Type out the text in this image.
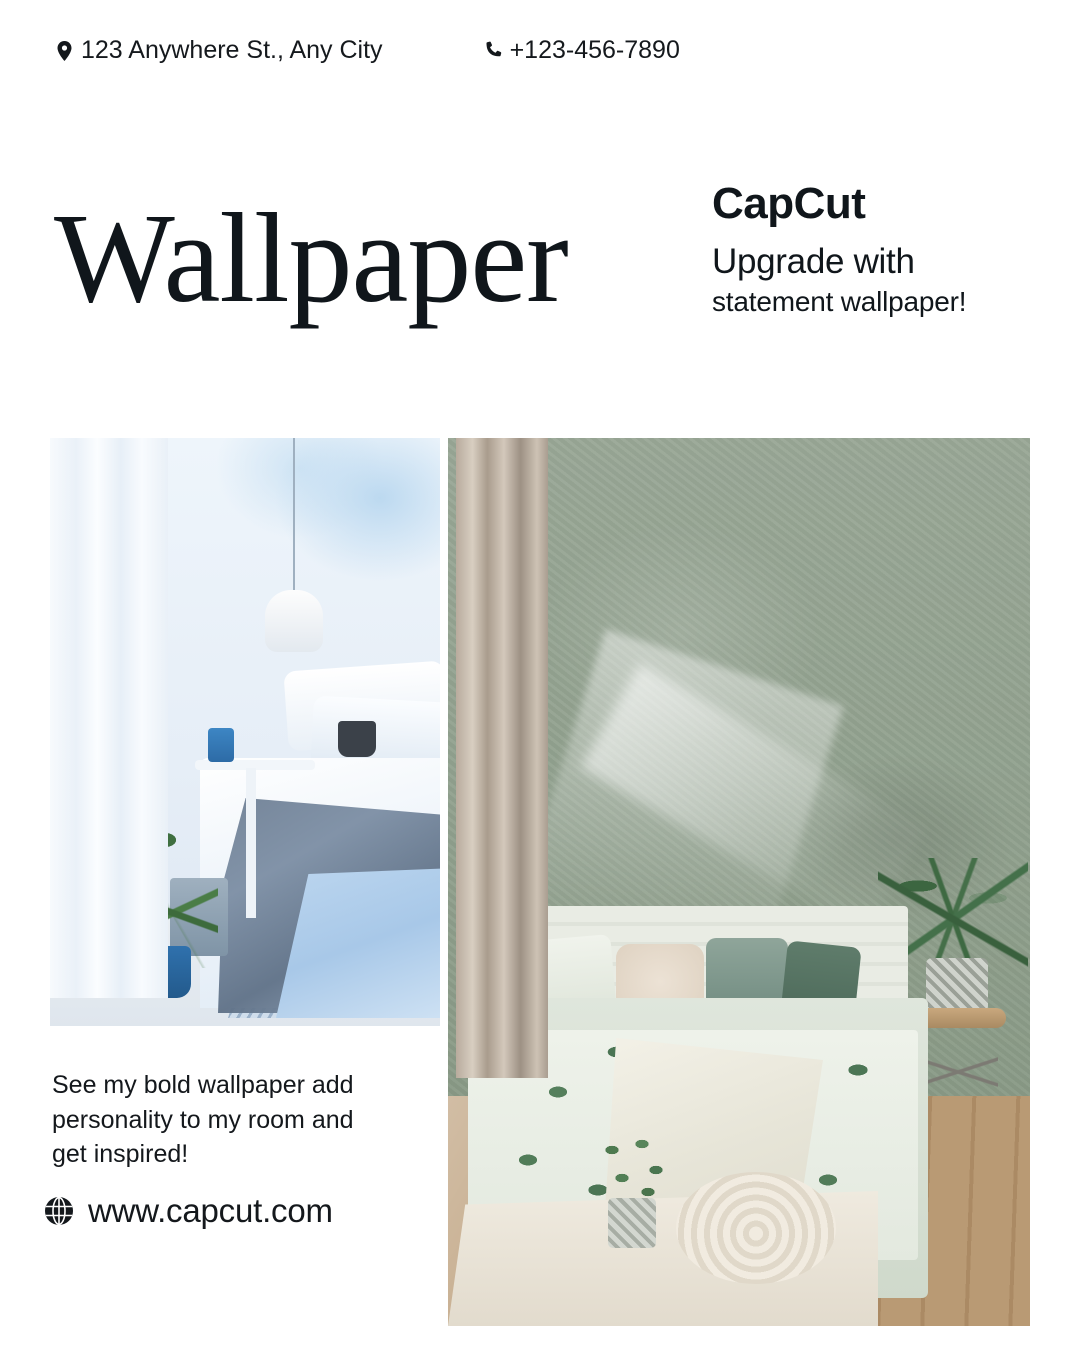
123 Anywhere St., Any City	+123-456-7890
Wallpaper	CapCut
Upgrade with
statement wallpaper!
See my bold wallpaper add personality to my room and get inspired!
www.capcut.com
